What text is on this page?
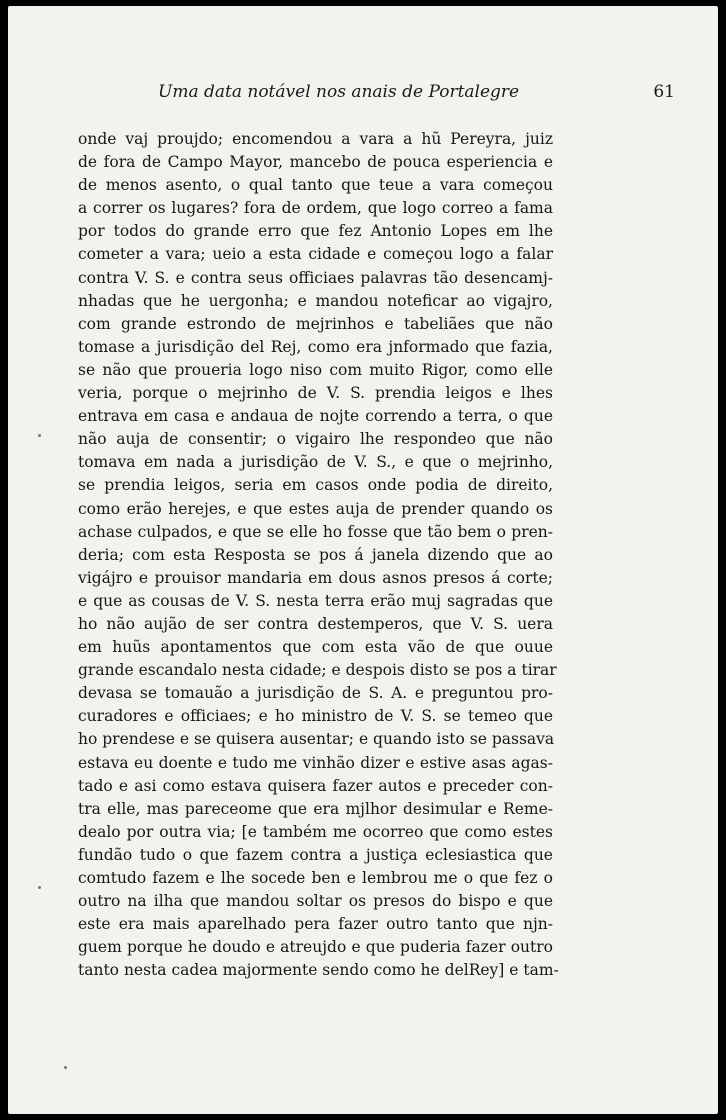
Uma data notável nos anais de Portalegre	61
onde vaj proujdo; encomendou a vara a hũ Pereyra, juiz
de fora de Campo Mayor, mancebo de pouca esperiencia e
de menos asento, o qual tanto que teue a vara começou
a correr os lugares? fora de ordem, que logo correo a fama
por todos do grande erro que fez Antonio Lopes em lhe
cometer a vara; ueio a esta cidade e começou logo a falar
contra V. S. e contra seus officiaes palavras tão desencamj-
nhadas que he uergonha; e mandou noteficar ao vigajro,
com grande estrondo de mejrinhos e tabeliães que não
tomase a jurisdição del Rej, como era jnformado que fazia,
se não que proueria logo niso com muito Rigor, como elle
veria, porque o mejrinho de V. S. prendia leigos e lhes
entrava em casa e andaua de nojte correndo a terra, o que
não auja de consentir; o vigairo lhe respondeo que não
tomava em nada a jurisdição de V. S., e que o mejrinho,
se prendia leigos, seria em casos onde podia de direito,
como erão herejes, e que estes auja de prender quando os
achase culpados, e que se elle ho fosse que tão bem o pren-
deria; com esta Resposta se pos á janela dizendo que ao
vigájro e prouisor mandaria em dous asnos presos á corte;
e que as cousas de V. S. nesta terra erão muj sagradas que
ho não aujão de ser contra destemperos, que V. S. uera
em huũs apontamentos que com esta vão de que ouue
grande escandalo nesta cidade; e despois disto se pos a tirar
devasa se tomauão a jurisdição de S. A. e preguntou pro-
curadores e officiaes; e ho ministro de V. S. se temeo que
ho prendese e se quisera ausentar; e quando isto se passava
estava eu doente e tudo me vinhão dizer e estive asas agas-
tado e asi como estava quisera fazer autos e preceder con-
tra elle, mas pareceome que era mjlhor desimular e Reme-
dealo por outra via; [e também me ocorreo que como estes
fundão tudo o que fazem contra a justiça eclesiastica que
comtudo fazem e lhe socede ben e lembrou me o que fez o
outro na ilha que mandou soltar os presos do bispo e que
este era mais aparelhado pera fazer outro tanto que njn-
guem porque he doudo e atreujdo e que puderia fazer outro
tanto nesta cadea majormente sendo como he delRey] e tam-
